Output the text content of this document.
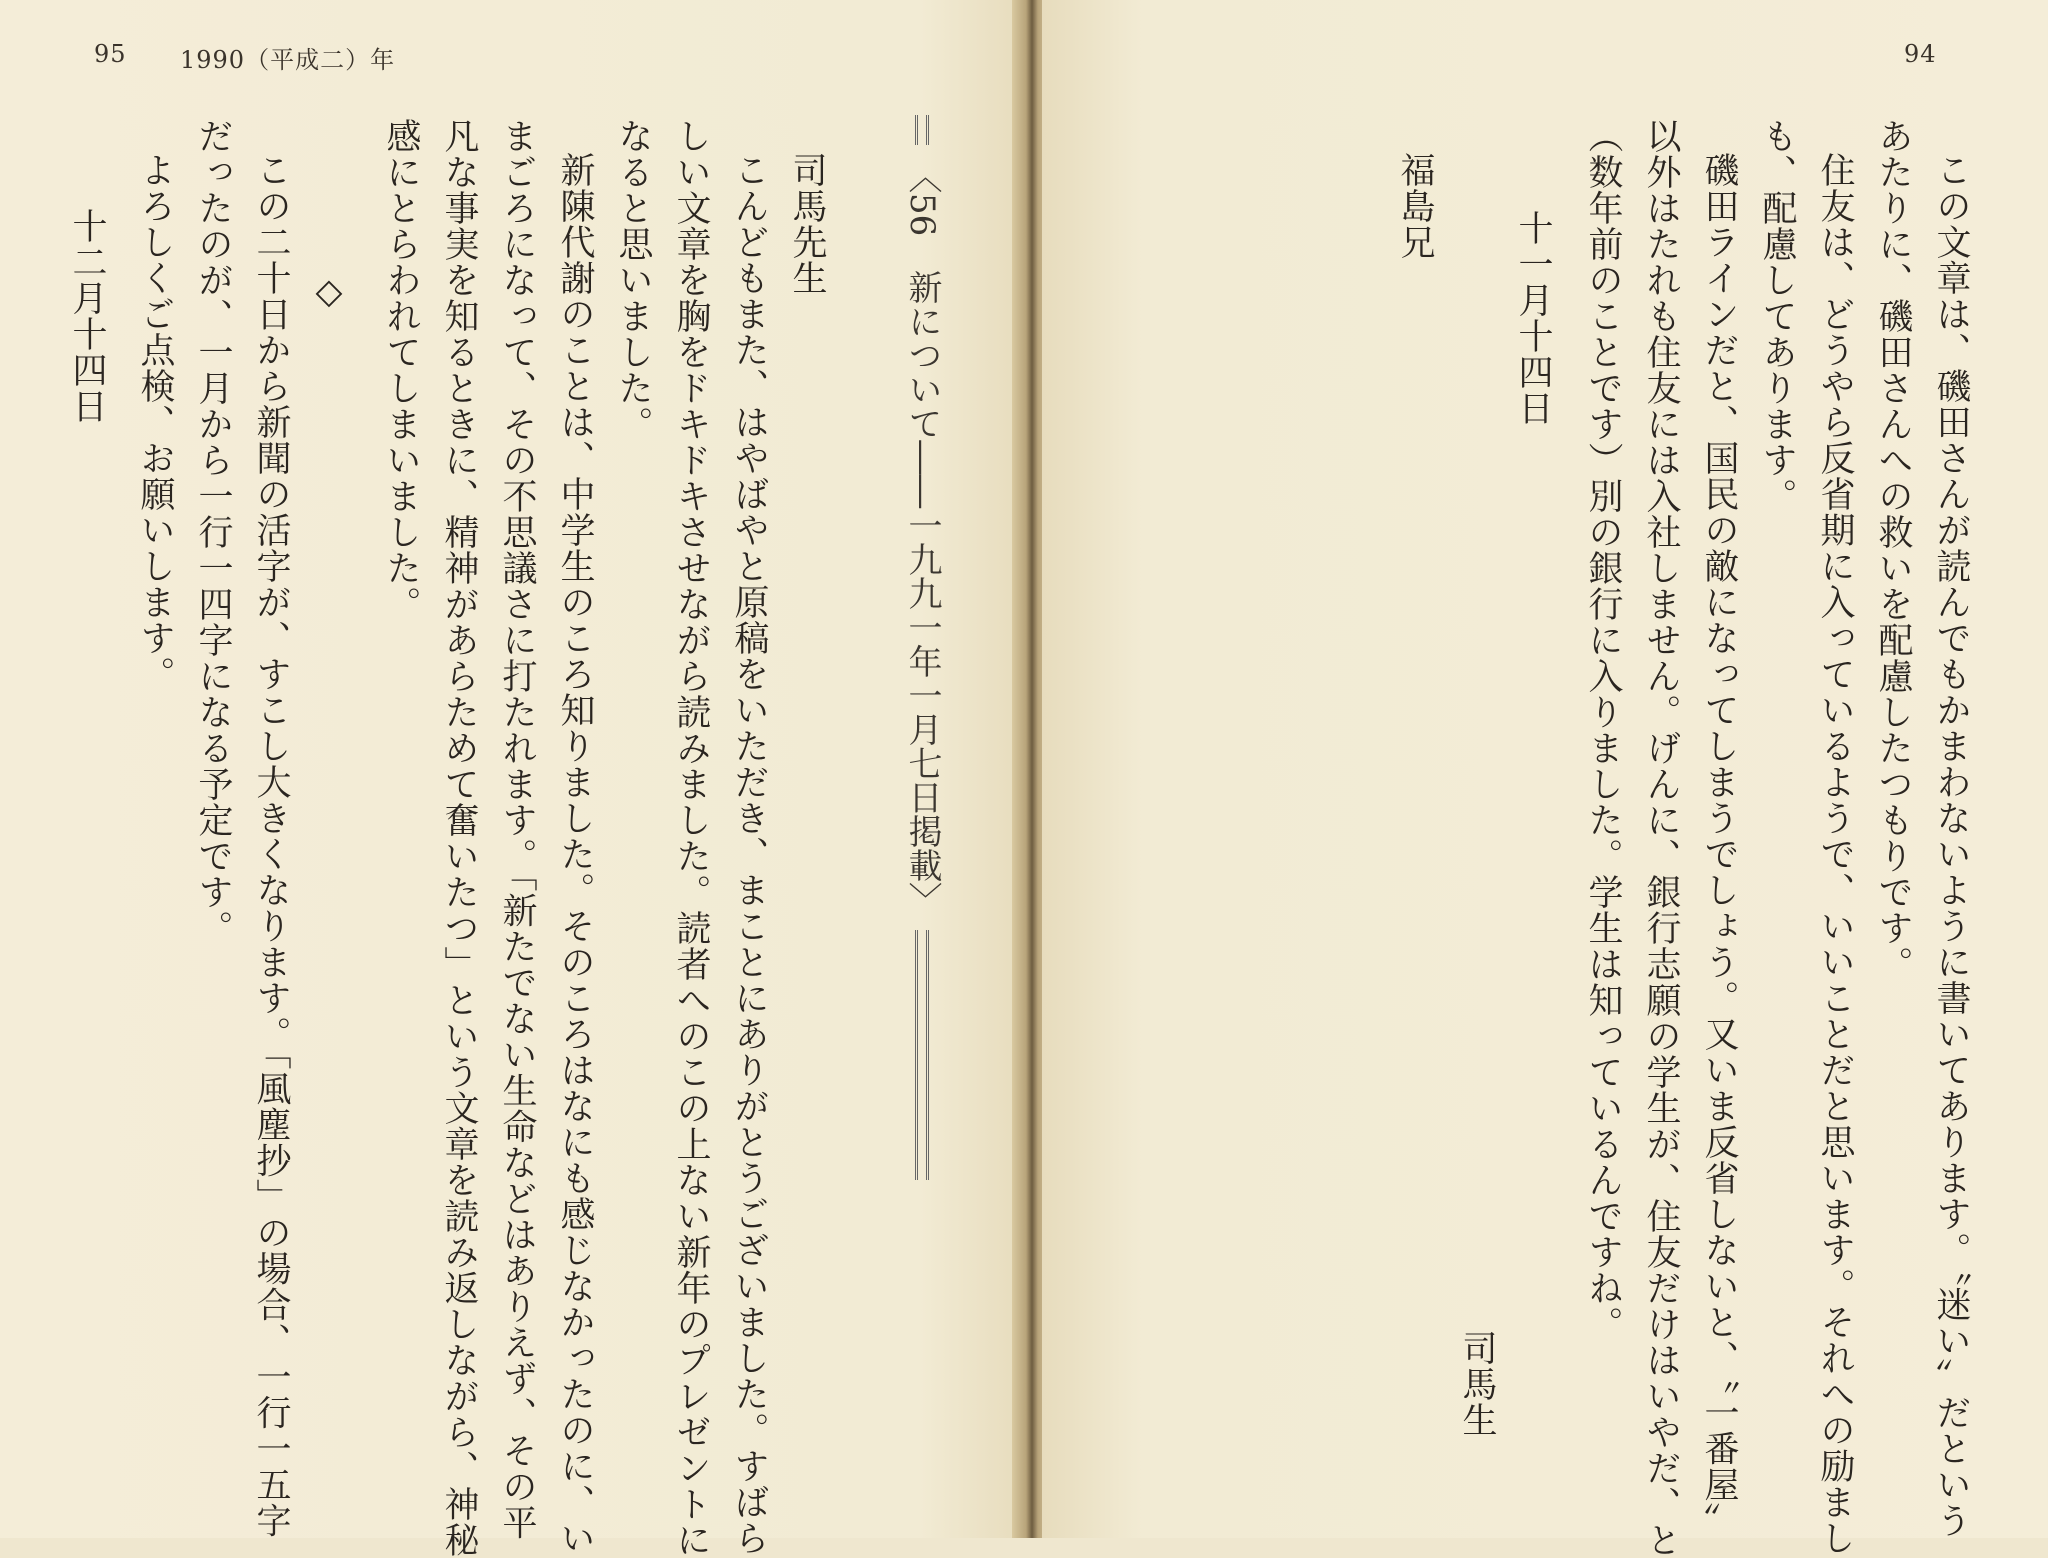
95 1990（平成二）年
〈56　新について――一九九一年一月七日掲載〉
司馬先生
こんどもまた、はやばやと原稿をいただき、まことにありがとうございました。すばら
しい文章を胸をドキドキさせながら読みました。読者へのこの上ない新年のプレゼントに
なると思いました。
新陳代謝のことは、中学生のころ知りました。そのころはなにも感じなかったのに、い
まごろになって、その不思議さに打たれます。「新たでない生命などはありえず、その平
凡な事実を知るときに、精神があらためて奮いたつ」という文章を読み返しながら、神秘
感にとらわれてしまいました。
◇
この二十日から新聞の活字が、すこし大きくなります。「風塵抄」の場合、一行一五字
だったのが、一月から一行一四字になる予定です。
よろしくご点検、お願いします。
十二月十四日
94
この文章は、磯田さんが読んでもかまわないように書いてあります。〝迷い〟だという
あたりに、磯田さんへの救いを配慮したつもりです。
住友は、どうやら反省期に入っているようで、いいことだと思います。それへの励まし
も、配慮してあります。
磯田ラインだと、国民の敵になってしまうでしょう。又いま反省しないと、〝一番屋〟
以外はたれも住友には入社しません。げんに、銀行志願の学生が、住友だけはいやだ、と
（数年前のことです）別の銀行に入りました。学生は知っているんですね。
十一月十四日
司馬生
福島兄
